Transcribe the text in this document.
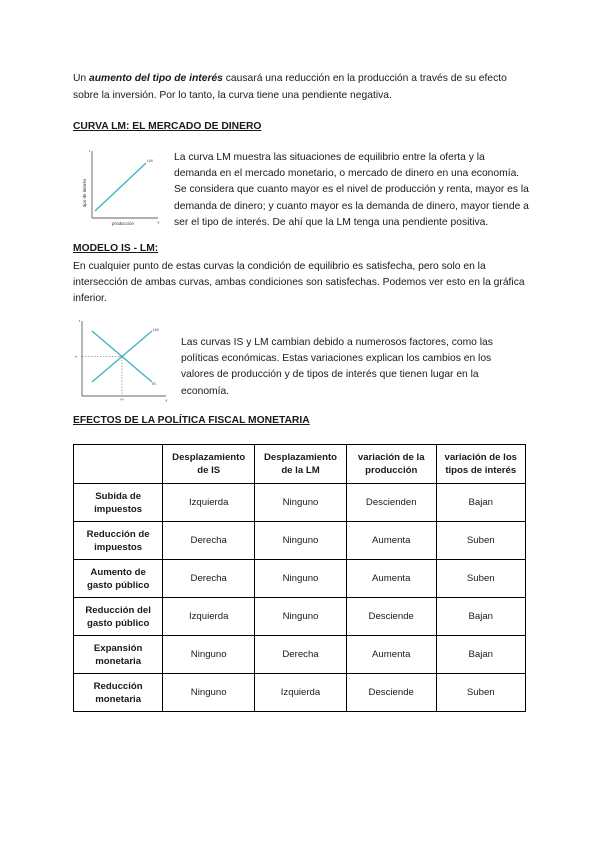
Un aumento del tipo de interés causará una reducción en la producción a través de su efecto sobre la inversión. Por lo tanto, la curva tiene una pendiente negativa.

CURVA LM: EL MERCADO DE DINERO
LM
r
Y
producción
tipo de interés

La curva LM muestra las situaciones de equilibrio entre la oferta y la demanda en el mercado monetario, o mercado de dinero en una economía. Se considera que cuanto mayor es el nivel de producción y renta, mayor es la demanda de dinero; y cuanto mayor es la demanda de dinero, mayor tiende a ser el tipo de interés. De ahí que la LM tenga una pendiente positiva.

MODELO IS - LM:

En cualquier punto de estas curvas la condición de equilibrio es satisfecha, pero solo en la intersección de ambas curvas, ambas condiciones son satisfechas. Podemos ver esto en la gráfica inferior.

LM
IS
r
Y
r*
Y*

Las curvas IS y LM cambian debido a numerosos factores, como las políticas económicas. Estas variaciones explican los cambios en los valores de producción y de tipos de interés que tienen lugar en la economía.

EFECTOS DE LA POLÍTICA FISCAL MONETARIA
	Desplazamiento de IS	Desplazamiento de la LM	variación de la producción	variación de los tipos de interés
Subida de impuestos	Izquierda	Ninguno	Descienden	Bajan
Reducción de impuestos	Derecha	Ninguno	Aumenta	Suben
Aumento de gasto público	Derecha	Ninguno	Aumenta	Suben
Reducción del gasto público	Izquierda	Ninguno	Desciende	Bajan
Expansión monetaria	Ninguno	Derecha	Aumenta	Bajan
Reducción monetaria	Ninguno	Izquierda	Desciende	Suben
